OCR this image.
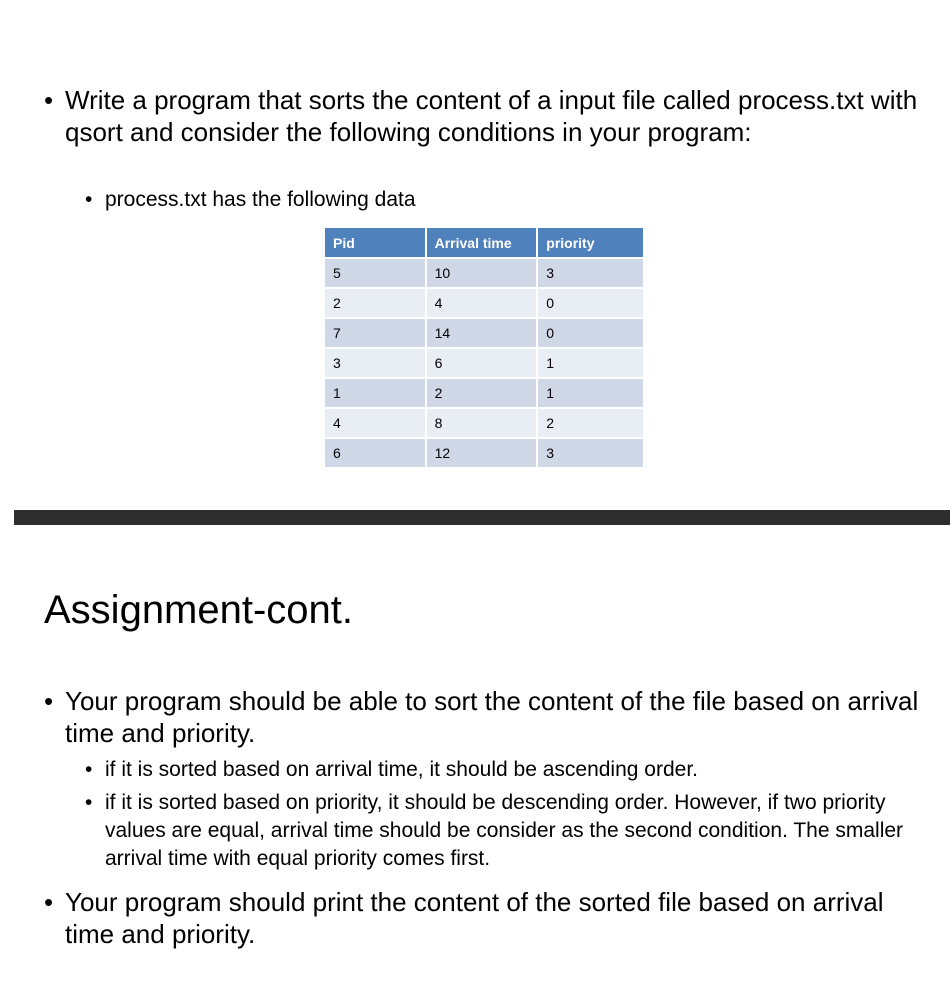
• Write a program that sorts the content of a input file called process.txt with qsort and consider the following conditions in your program:
• process.txt has the following data
Pid	Arrival time	priority
5	10	3
2	4	0
7	14	0
3	6	1
1	2	1
4	8	2
6	12	3
Assignment-cont.
• Your program should be able to sort the content of the file based on arrival time and priority.
• if it is sorted based on arrival time, it should be ascending order.
• if it is sorted based on priority, it should be descending order. However, if two priority values are equal, arrival time should be consider as the second condition. The smaller arrival time with equal priority comes first.
• Your program should print the content of the sorted file based on arrival time and priority.
